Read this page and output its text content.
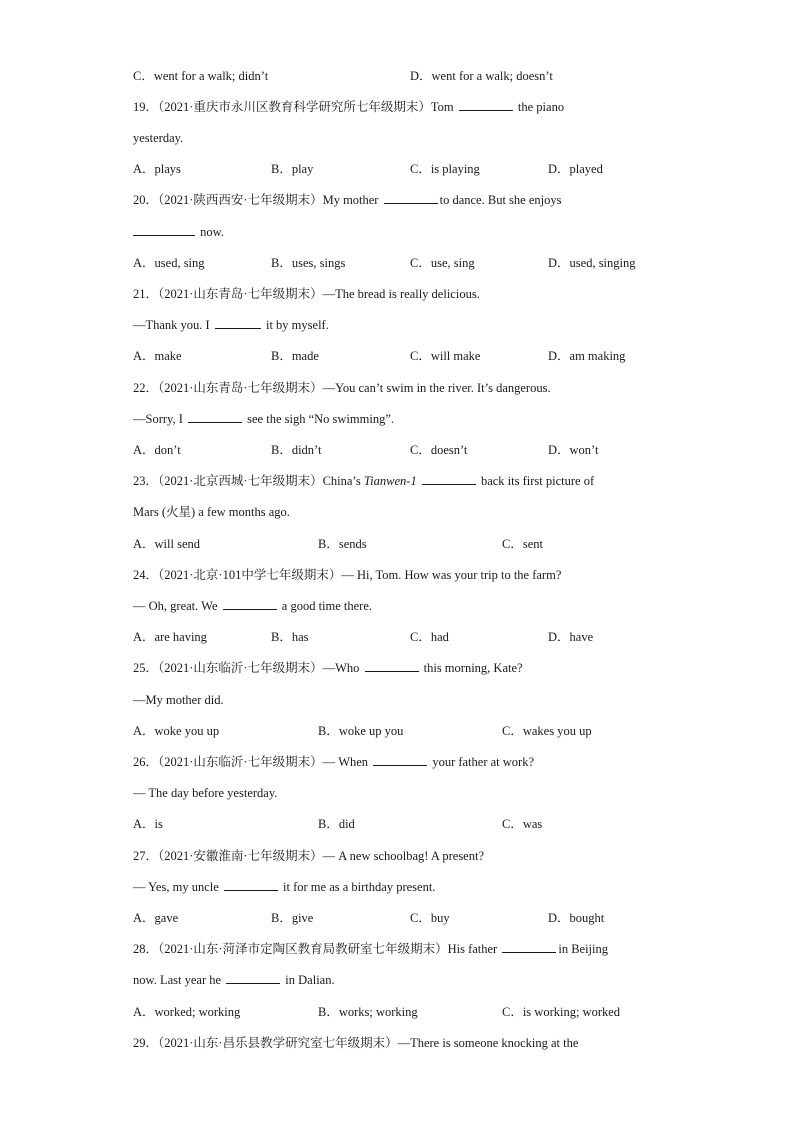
C．went for a walk; didn’t	D．went for a walk; doesn’t
19．（2021·重庆市永川区教育科学研究所七年级期末）Tom	the piano
yesterday.
A．plays	B．play	C．is playing	D．played
20．（2021·陕西西安·七年级期末）My mother	to dance. But she enjoys
now.
A．used, sing	B．uses, sings	C．use, sing	D．used, singing
21．（2021·山东青岛·七年级期末）—The bread is really delicious.
—Thank you. I	it by myself.
A．make	B．made	C．will make	D．am making
22．（2021·山东青岛·七年级期末）—You can’t swim in the river. It’s dangerous.
—Sorry, I	see the sigh “No swimming”.
A．don’t	B．didn’t	C．doesn’t	D．won’t
23．（2021·北京西城·七年级期末）China’s Tianwen-1	back its first picture of
Mars (火星) a few months ago.
A．will send	B．sends	C．sent
24．（2021·北京·101中学七年级期末）— Hi, Tom. How was your trip to the farm?
— Oh, great. We	a good time there.
A．are having	B．has	C．had	D．have
25．（2021·山东临沂·七年级期末）—Who	this morning, Kate?
—My mother did.
A．woke you up	B．woke up you	C．wakes you up
26．（2021·山东临沂·七年级期末）— When	your father at work?
— The day before yesterday.
A．is	B．did	C．was
27．（2021·安徽淮南·七年级期末）— A new schoolbag! A present?
— Yes, my uncle	it for me as a birthday present.
A．gave	B．give	C．buy	D．bought
28．（2021·山东·菏泽市定陶区教育局教研室七年级期末）His father	in Beijing
now. Last year he	in Dalian.
A．worked; working	B．works; working	C．is working; worked
29．（2021·山东·昌乐县教学研究室七年级期末）—There is someone knocking at the
